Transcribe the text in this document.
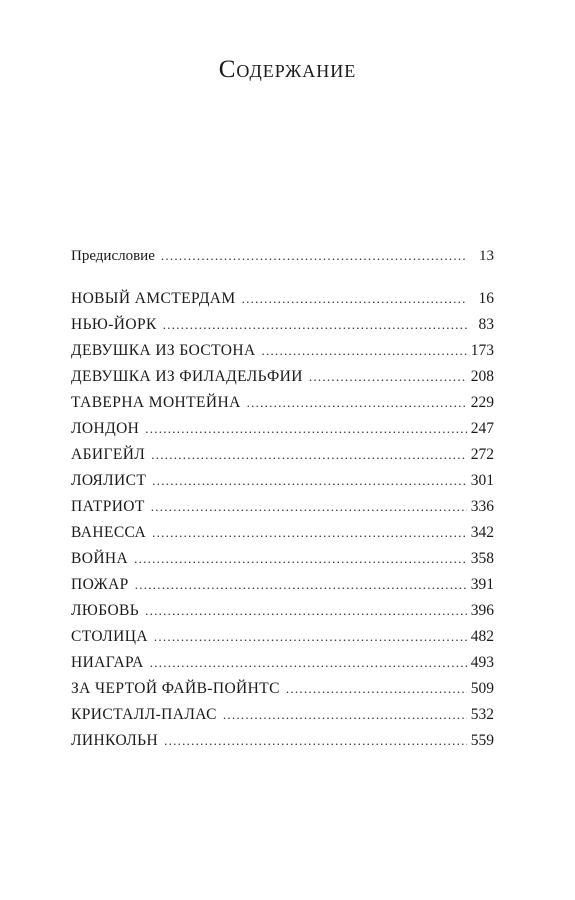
Содержание
Предисловие . . .	13
НОВЫЙ АМСТЕРДАМ . . .	16
НЬЮ-ЙОРК . . .	83
ДЕВУШКА ИЗ БОСТОНА . . .	173
ДЕВУШКА ИЗ ФИЛАДЕЛЬФИИ . . .	208
ТАВЕРНА МОНТЕЙНА . . .	229
ЛОНДОН . . .	247
АБИГЕЙЛ . . .	272
ЛОЯЛИСТ . . .	301
ПАТРИОТ . . .	336
ВАНЕССА . . .	342
ВОЙНА . . .	358
ПОЖАР . . .	391
ЛЮБОВЬ . . .	396
СТОЛИЦА . . .	482
НИАГАРА . . .	493
ЗА ЧЕРТОЙ ФАЙВ-ПОЙНТС . . .	509
КРИСТАЛЛ-ПАЛАС . . .	532
ЛИНКОЛЬН . . .	559
